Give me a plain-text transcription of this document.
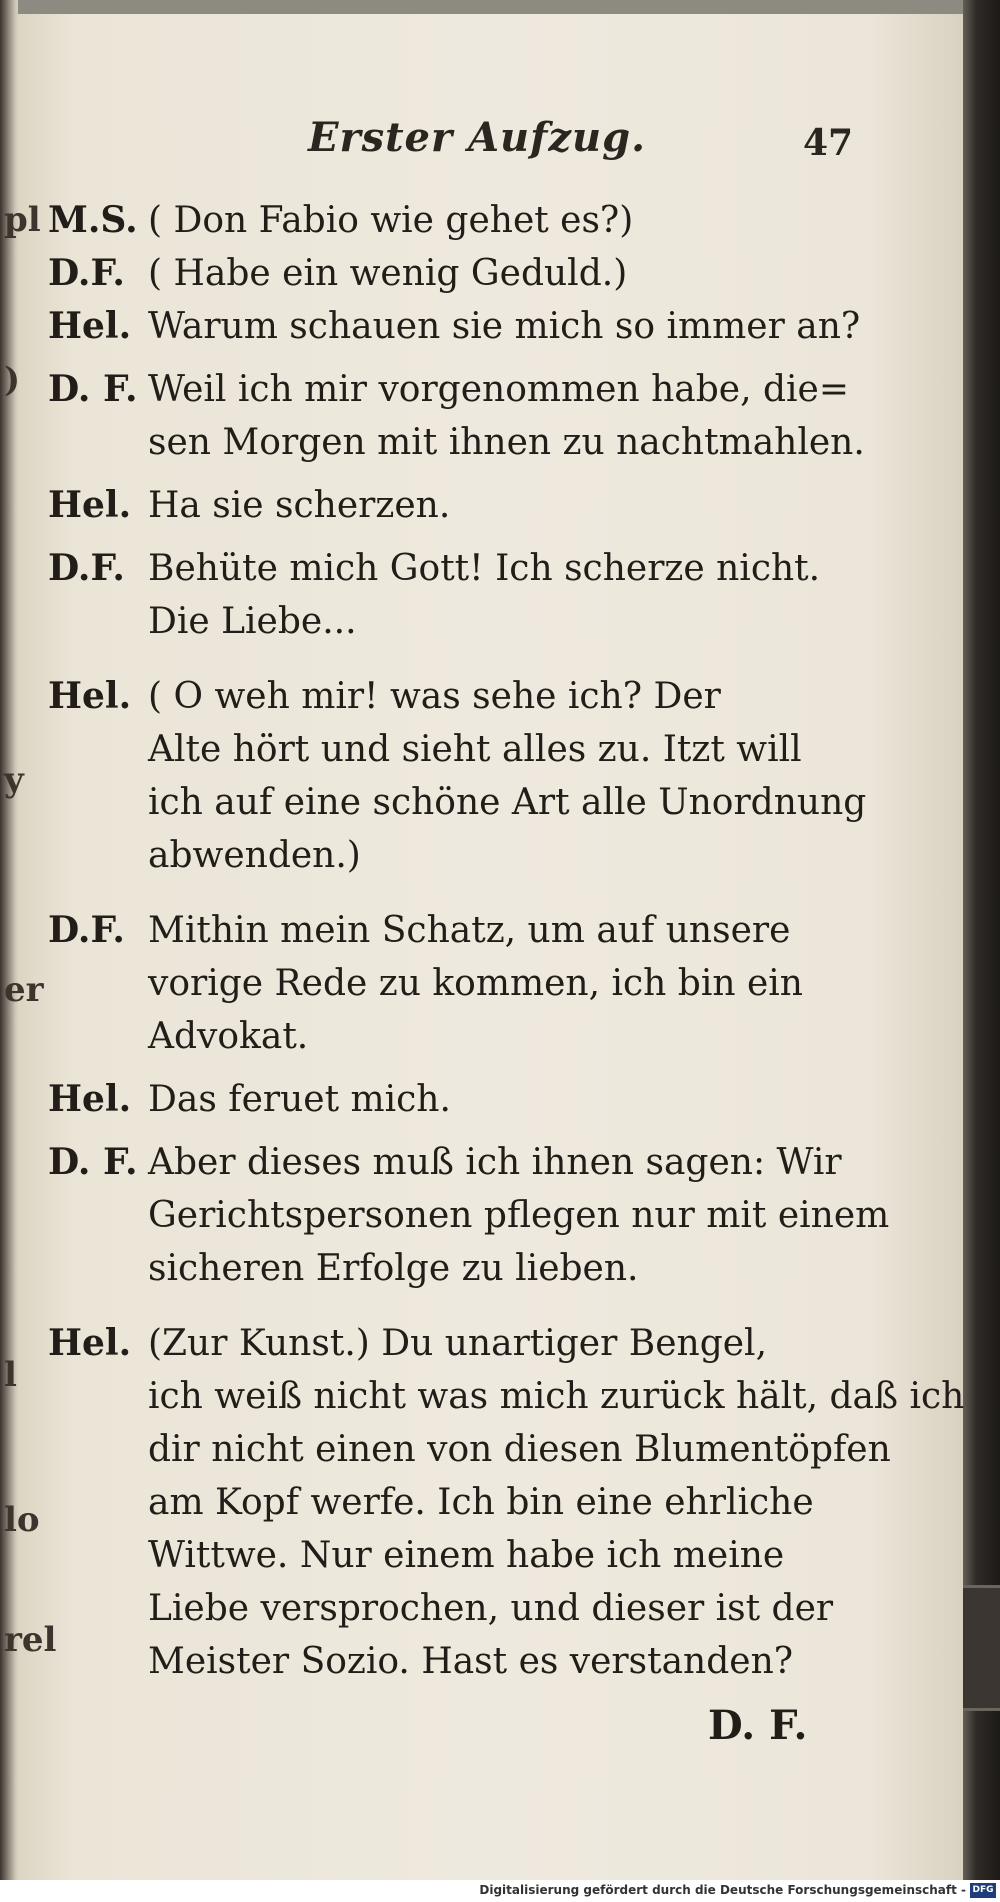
Erster Aufzug.	47
M.S. ( Don Fabio wie gehet es?)
D.F. ( Habe ein wenig Geduld.)
Hel. Warum schauen sie mich so immer an?
D. F. Weil ich mir vorgenommen habe, die=
sen Morgen mit ihnen zu nachtmahlen.
Hel. Ha sie scherzen.
D.F. Behüte mich Gott! Ich scherze nicht.
Die Liebe...
Hel. ( O weh mir! was sehe ich? Der
Alte hört und sieht alles zu. Itzt will
ich auf eine schöne Art alle Unordnung
abwenden.)
D.F. Mithin mein Schatz, um auf unsere
vorige Rede zu kommen, ich bin ein
Advokat.
Hel. Das feruet mich.
D. F. Aber dieses muß ich ihnen sagen: Wir
Gerichtspersonen pflegen nur mit einem
sicheren Erfolge zu lieben.
Hel. (Zur Kunst.) Du unartiger Bengel,
ich weiß nicht was mich zurück hält, daß ich
dir nicht einen von diesen Blumentöpfen
am Kopf werfe. Ich bin eine ehrliche
Wittwe. Nur einem habe ich meine
Liebe versprochen, und dieser ist der
Meister Sozio. Hast es verstanden?
D. F.
pl
)
y
er
l
lo
rel
Digitalisierung gefördert durch die Deutsche Forschungsgemeinschaft - DFG
